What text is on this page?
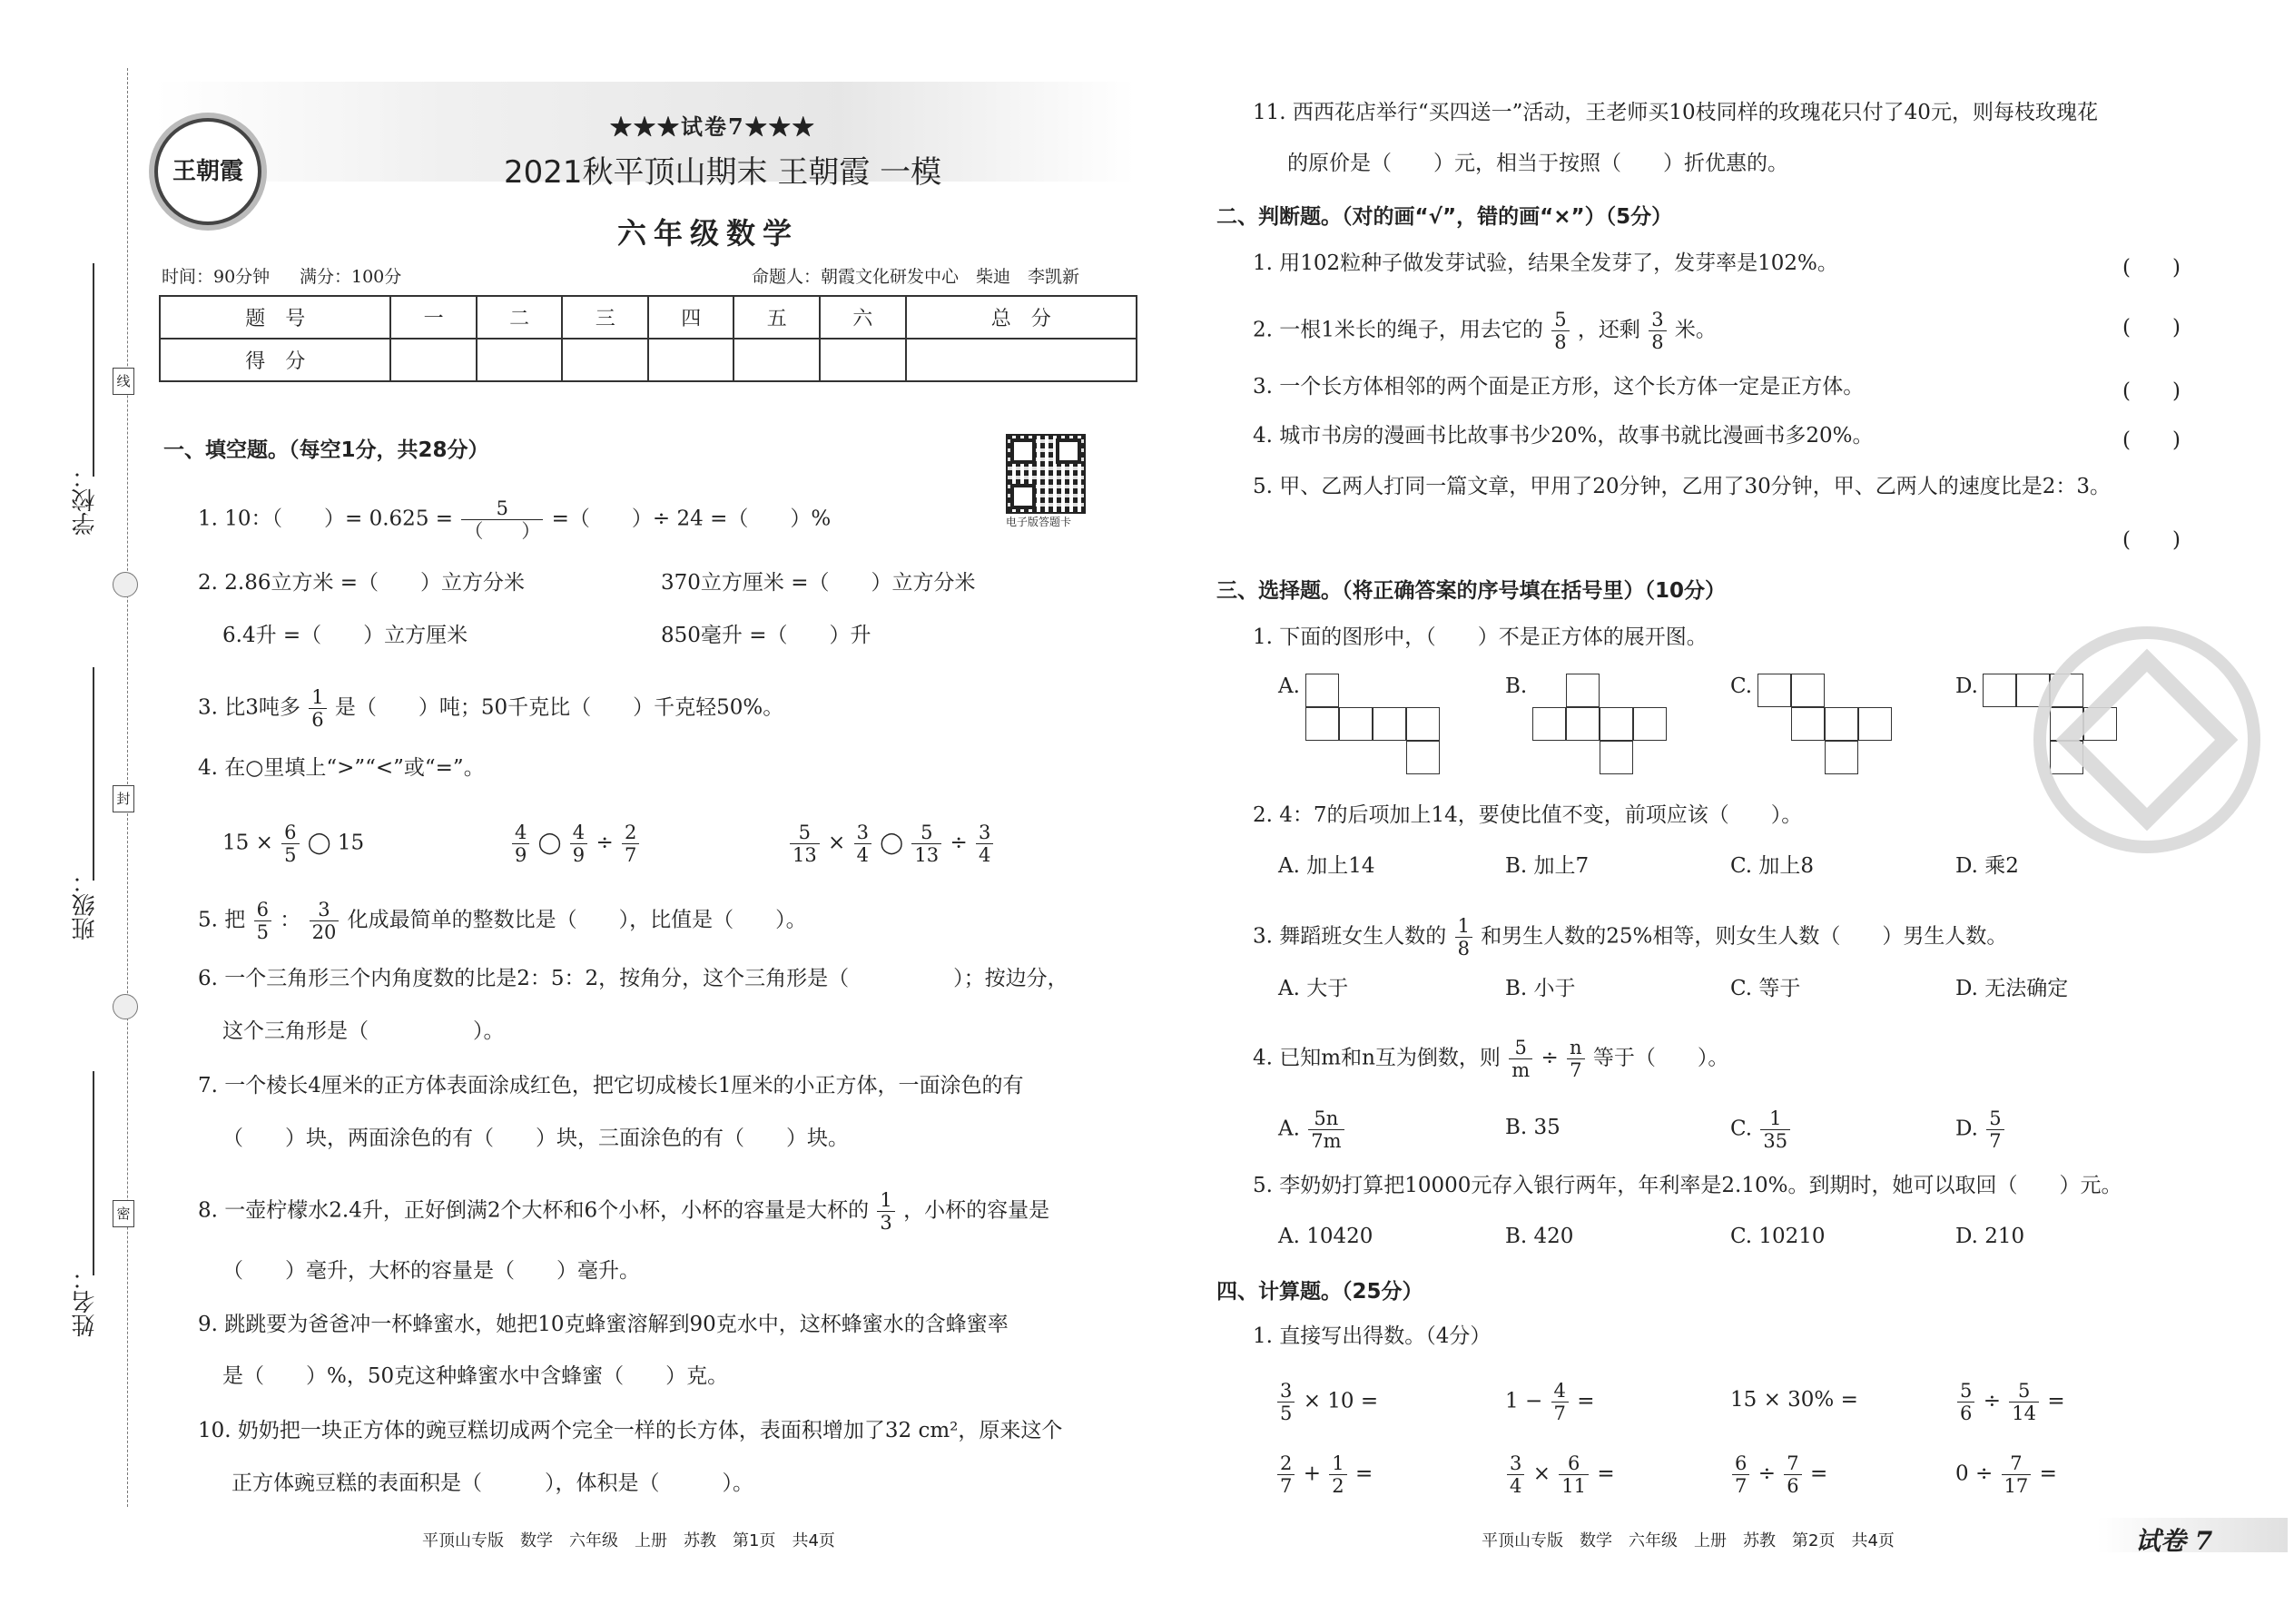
线
封
密
学校：
班级：
姓名：
王朝霞
★★★试卷7★★★
2021秋平顶山期末 王朝霞 一模
六年级数学
时间：90分钟 满分：100分	命题人：朝霞文化研发中心　柴迪　李凯新
题　号	一	二	三	四	五	六	总　分
得　分							
电子版答题卡
一、填空题。（每空1分，共28分）
1. 10：（　　）= $0.625 = \frac{5}{( )}$ =（　　）÷ 24 =（　　）%
2. 2.86立方米 =（　　）立方分米	370立方厘米 =（　　）立方分米
6.4升 =（　　）立方厘米	850毫升 =（　　）升
3. 比3吨多 $\frac{1}{6}$ 是（　　）吨；50千克比（　　）千克轻50%。
4. 在○里填上“>”“<”或“=”。
$15 \times \frac{6}{5}$ ◯ 15	$\frac{4}{9}$ ◯ $\frac{4}{9} \div \frac{2}{7}$	$\frac{5}{13} \times \frac{3}{4}$ ◯ $\frac{5}{13} \div \frac{3}{4}$
5. 把 $\frac{6}{5}$ ： $\frac{3}{20}$ 化成最简单的整数比是（　　），比值是（　　）。
6. 一个三角形三个内角度数的比是2：5：2，按角分，这个三角形是（　　　　　）；按边分，
这个三角形是（　　　　　）。
7. 一个棱长4厘米的正方体表面涂成红色，把它切成棱长1厘米的小正方体，一面涂色的有
（　　）块，两面涂色的有（　　）块，三面涂色的有（　　）块。
8. 一壶柠檬水2.4升，正好倒满2个大杯和6个小杯，小杯的容量是大杯的 $\frac{1}{3}$ ，小杯的容量是
（　　）毫升，大杯的容量是（　　）毫升。
9. 跳跳要为爸爸冲一杯蜂蜜水，她把10克蜂蜜溶解到90克水中，这杯蜂蜜水的含蜂蜜率
是（　　）%，50克这种蜂蜜水中含蜂蜜（　　）克。
10. 奶奶把一块正方体的豌豆糕切成两个完全一样的长方体，表面积增加了32 cm²，原来这个
正方体豌豆糕的表面积是（　　　），体积是（　　　）。
平顶山专版　数学　六年级　上册　苏教　第1页　共4页
11. 西西花店举行“买四送一”活动，王老师买10枝同样的玫瑰花只付了40元，则每枝玫瑰花
的原价是（　　）元，相当于按照（　　）折优惠的。
二、判断题。（对的画“√”，错的画“×”）（5分）
1. 用102粒种子做发芽试验，结果全发芽了，发芽率是102%。	(　　)
2. 一根1米长的绳子，用去它的 $\frac{5}{8}$ ，还剩 $\frac{3}{8}$ 米。	(　　)
3. 一个长方体相邻的两个面是正方形，这个长方体一定是正方体。	(　　)
4. 城市书房的漫画书比故事书少20%，故事书就比漫画书多20%。	(　　)
5. 甲、乙两人打同一篇文章，甲用了20分钟，乙用了30分钟，甲、乙两人的速度比是2：3。
(　　)
三、选择题。（将正确答案的序号填在括号里）（10分）
1. 下面的图形中，（　　）不是正方体的展开图。
A.	B.	C.	D.
2. 4：7的后项加上14，要使比值不变，前项应该（　　）。
A. 加上14	B. 加上7	C. 加上8	D. 乘2
3. 舞蹈班女生人数的 $\frac{1}{8}$ 和男生人数的25%相等，则女生人数（　　）男生人数。
A. 大于	B. 小于	C. 等于	D. 无法确定
4. 已知m和n互为倒数，则 $\frac{5}{m} \div \frac{n}{7}$ 等于（　　）。
A. $\frac{5n}{7m}$	B. 35	C. $\frac{1}{35}$	D. $\frac{5}{7}$
5. 李奶奶打算把10000元存入银行两年，年利率是2.10%。到期时，她可以取回（　　）元。
A. 10420	B. 420	C. 10210	D. 210
四、计算题。（25分）
1. 直接写出得数。（4分）
$\frac{3}{5} \times 10$ =	$1 - \frac{4}{7}$ =	15 × 30% =	$\frac{5}{6} \div \frac{5}{14}$ =
$\frac{2}{7} + \frac{1}{2}$ =	$\frac{3}{4} \times \frac{6}{11}$ =	$\frac{6}{7} \div \frac{7}{6}$ =	$0 \div \frac{7}{17}$ =
平顶山专版　数学　六年级　上册　苏教　第2页　共4页	试卷 7
